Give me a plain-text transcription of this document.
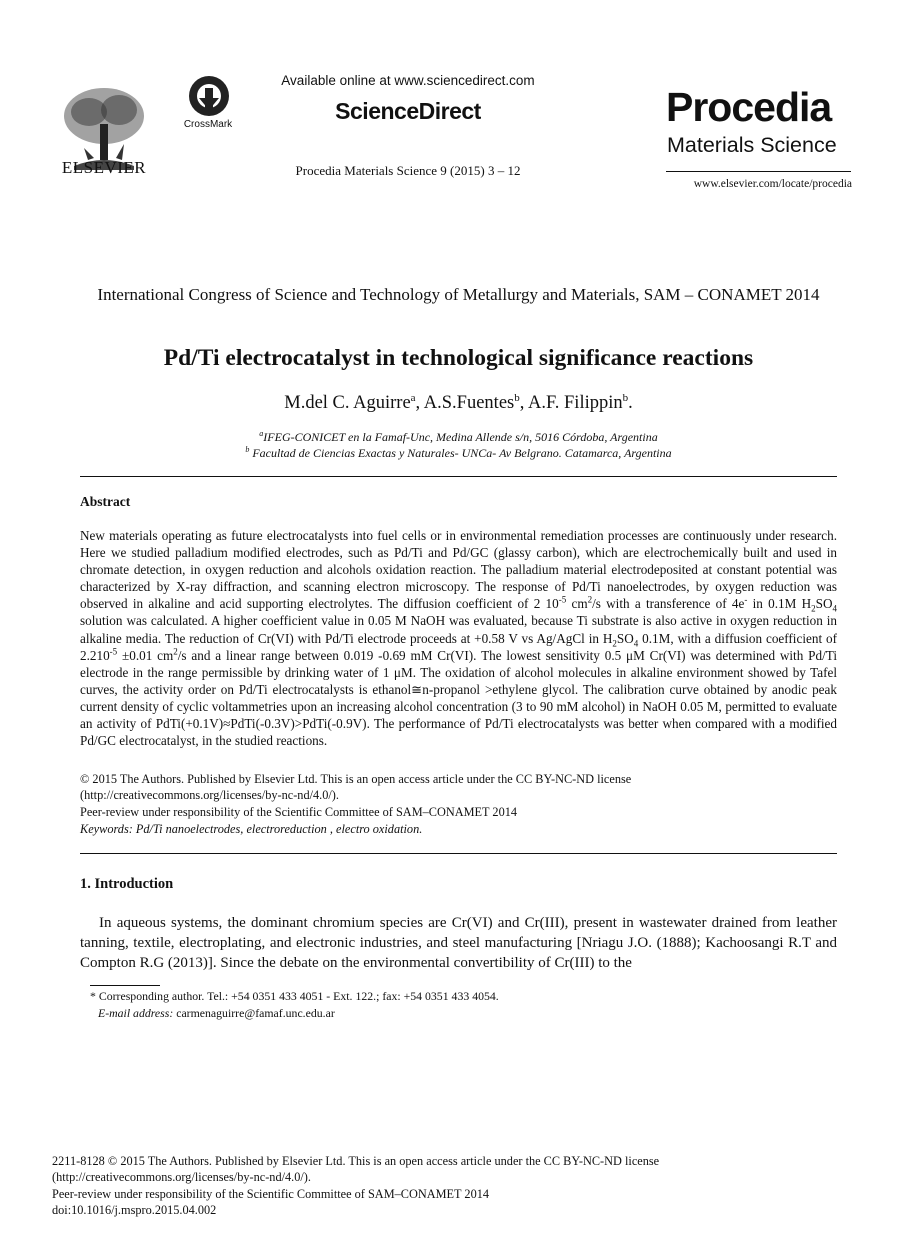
ELSEVIER
CrossMark
Available online at www.sciencedirect.com
ScienceDirect
Procedia Materials Science 9 (2015) 3 – 12
Procedia
Materials Science
www.elsevier.com/locate/procedia
International Congress of Science and Technology of Metallurgy and Materials, SAM – CONAMET 2014
Pd/Ti electrocatalyst in technological significance reactions
M.del C. Aguirre$^a$, A.S.Fuentes$^b$, A.F. Filippin$^b$.
$^a$IFEG-CONICET en la Famaf-Unc, Medina Allende s/n, 5016 Córdoba, Argentina
$^b$ Facultad de Ciencias Exactas y Naturales- UNCa- Av Belgrano. Catamarca, Argentina
Abstract
New materials operating as future electrocatalysts into fuel cells or in environmental remediation processes are continuously under research. Here we studied palladium modified electrodes, such as Pd/Ti and Pd/GC (glassy carbon), which are electrochemically built and used in chromate detection, in oxygen reduction and alcohols oxidation reaction. The palladium material electrodeposited at constant potential was characterized by X-ray diffraction, and scanning electron microscopy. The response of Pd/Ti nanoelectrodes, by oxygen reduction was observed in alkaline and acid supporting electrolytes. The diffusion coefficient of 2 $10^{-5}$ $cm^2/s$ with a transference of 4e- in 0.1M $H_2SO_4$ solution was calculated. A higher coefficient value in 0.05 M NaOH was evaluated, because Ti substrate is also active in oxygen reduction in alkaline media. The reduction of Cr(VI) with Pd/Ti electrode proceeds at +0.58 V vs Ag/AgCl in $H_2SO_4$ 0.1M, with a diffusion coefficient of $2.210^{-5} \pm 0.01$ $cm^2/s$ and a linear range between 0.019 -0.69 mM Cr(VI). The lowest sensitivity 0.5 μM Cr(VI) was determined with Pd/Ti electrode in the range permissible by drinking water of 1 μM. The oxidation of alcohol molecules in alkaline environment showed by Tafel curves, the activity order on Pd/Ti electrocatalysts is ethanol≅n-propanol >ethylene glycol. The calibration curve obtained by anodic peak current density of cyclic voltammetries upon an increasing alcohol concentration (3 to 90 mM alcohol) in NaOH 0.05 M, permitted to evaluate an activity of PdTi(+0.1V)≈PdTi(-0.3V)>PdTi(-0.9V). The performance of Pd/Ti electrocatalysts was better when compared with a modified Pd/GC electrocatalyst, in the studied reactions.
© 2015 The Authors. Published by Elsevier Ltd. This is an open access article under the CC BY-NC-ND license
(http://creativecommons.org/licenses/by-nc-nd/4.0/).
Peer-review under responsibility of the Scientific Committee of SAM–CONAMET 2014
Keywords: Pd/Ti nanoelectrodes, electroreduction , electro oxidation.
1. Introduction
In aqueous systems, the dominant chromium species are Cr(VI) and Cr(III), present in wastewater drained from leather tanning, textile, electroplating, and electronic industries, and steel manufacturing [Nriagu J.O. (1888); Kachoosangi R.T and Compton R.G (2013)]. Since the debate on the environmental convertibility of Cr(III) to the
* Corresponding author. Tel.: +54 0351 433 4051 - Ext. 122.; fax: +54 0351 433 4054.
E-mail address: carmenaguirre@famaf.unc.edu.ar
2211-8128 © 2015 The Authors. Published by Elsevier Ltd. This is an open access article under the CC BY-NC-ND license
(http://creativecommons.org/licenses/by-nc-nd/4.0/).
Peer-review under responsibility of the Scientific Committee of SAM–CONAMET 2014
doi:10.1016/j.mspro.2015.04.002
